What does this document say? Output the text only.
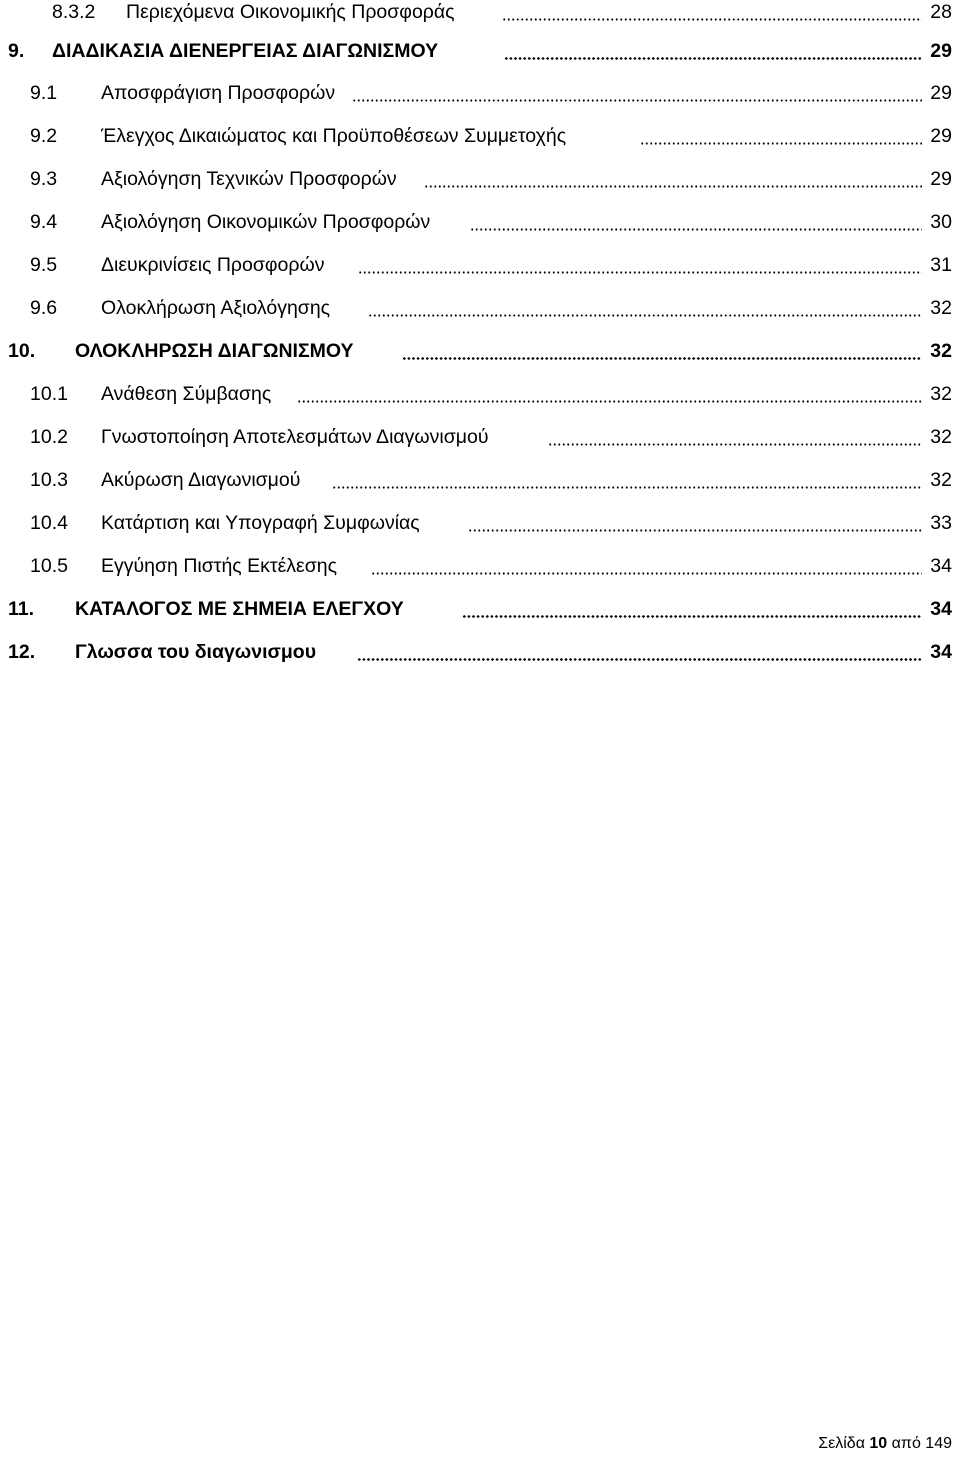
8.3.2 Περιεχόμενα Οικονομικής Προσφοράς	28
9. ΔΙΑΔΙΚΑΣΙΑ ΔΙΕΝΕΡΓΕΙΑΣ ΔΙΑΓΩΝΙΣΜΟΥ	29
9.1 Αποσφράγιση Προσφορών	29
9.2 Έλεγχος Δικαιώματος και Προϋποθέσεων Συμμετοχής	29
9.3 Αξιολόγηση Τεχνικών Προσφορών	29
9.4 Αξιολόγηση Οικονομικών Προσφορών	30
9.5 Διευκρινίσεις Προσφορών	31
9.6 Ολοκλήρωση Αξιολόγησης	32
10. ΟΛΟΚΛΗΡΩΣΗ ΔΙΑΓΩΝΙΣΜΟΥ	32
10.1 Ανάθεση Σύμβασης	32
10.2 Γνωστοποίηση Αποτελεσμάτων Διαγωνισμού	32
10.3 Ακύρωση Διαγωνισμού	32
10.4 Κατάρτιση και Υπογραφή Συμφωνίας	33
10.5 Εγγύηση Πιστής Εκτέλεσης	34
11. ΚΑΤΑΛΟΓΟΣ ΜΕ ΣΗΜΕΙΑ ΕΛΕΓΧΟΥ	34
12. Γλωσσα του διαγωνισμου	34
Σελίδα 10 από 149
